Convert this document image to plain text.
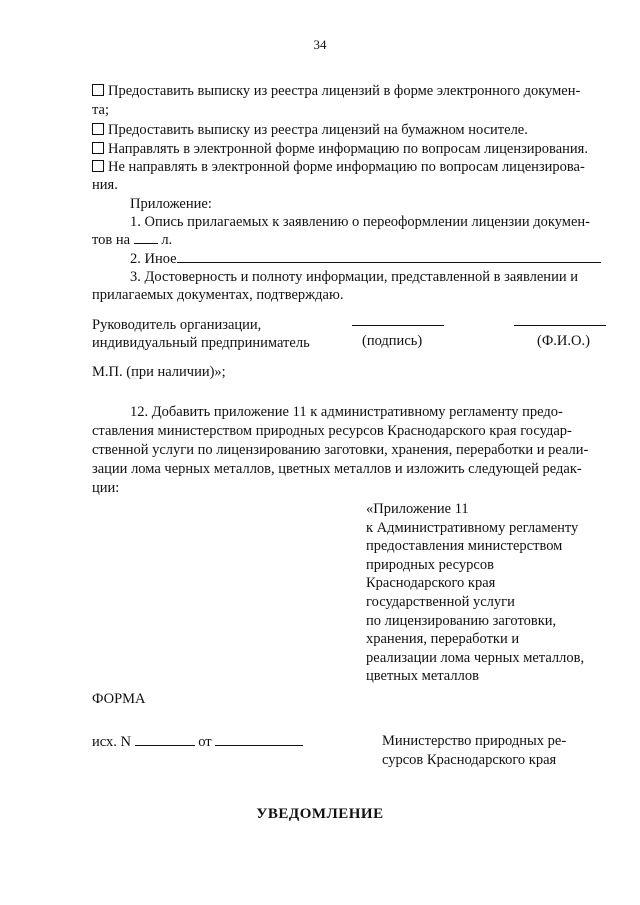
34
Предоставить выписку из реестра лицензий в форме электронного докумен-
та;
Предоставить выписку из реестра лицензий на бумажном носителе.
Направлять в электронной форме информацию по вопросам лицензирования.
Не направлять в электронной форме информацию по вопросам лицензирова-
ния.
Приложение:
1. Опись прилагаемых к заявлению о переоформлении лицензии докумен-
тов на л.
2. Иное
3. Достоверность и полноту информации, представленной в заявлении и
прилагаемых документах, подтверждаю.
Руководитель организации,
индивидуальный предприниматель	(подпись)	(Ф.И.О.)
М.П. (при наличии)»;
12. Добавить приложение 11 к административному регламенту предо-
ставления министерством природных ресурсов Краснодарского края государ-
ственной услуги по лицензированию заготовки, хранения, переработки и реали-
зации лома черных металлов, цветных металлов и изложить следующей редак-
ции:
«Приложение 11
к Административному регламенту
предоставления министерством
природных ресурсов
Краснодарского края
государственной услуги
по лицензированию заготовки,
хранения, переработки и
реализации лома черных металлов,
цветных металлов
ФОРМА
исх. N	от	Министерство природных ре-
сурсов Краснодарского края
УВЕДОМЛЕНИЕ
